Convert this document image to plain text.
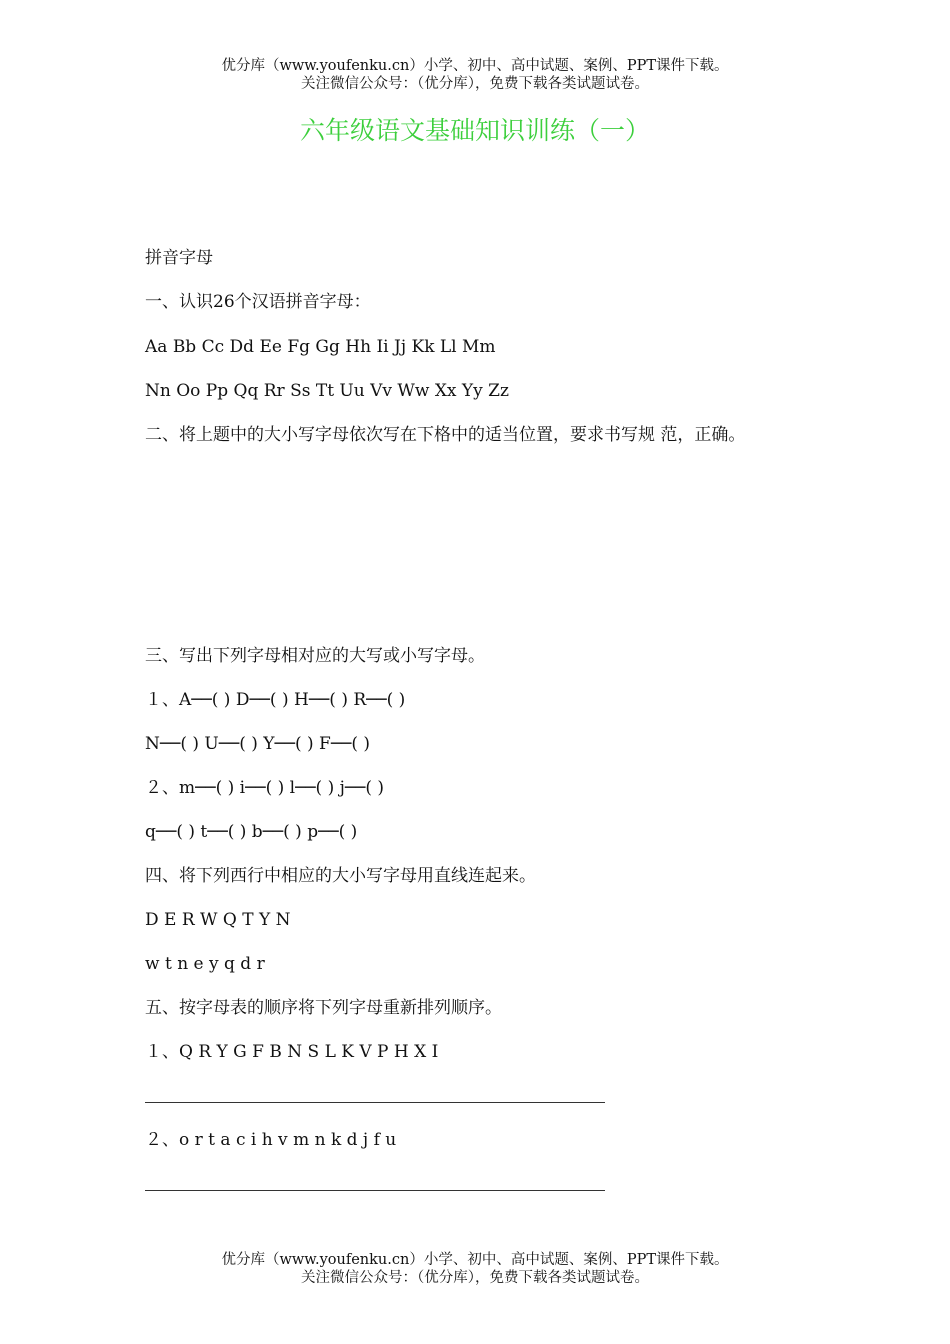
优分库（www.youfenku.cn）小学、初中、高中试题、案例、PPT课件下载。
关注微信公众号：（优分库），免费下载各类试题试卷。
六年级语文基础知识训练（一）
拼音字母
一、认识26个汉语拼音字母：
Aa Bb Cc Dd Ee Fg Gg Hh Ii Jj Kk Ll Mm
Nn Oo Pp Qq Rr Ss Tt Uu Vv Ww Xx Yy Zz
二、将上题中的大小写字母依次写在下格中的适当位置，要求书写规 范，正确。
三、写出下列字母相对应的大写或小写字母。
１、A──( ) D──( ) H──( ) R──( )
N──( ) U──( ) Y──( ) F──( )
２、m──( ) i──( ) l──( ) j──( )
q──( ) t──( ) b──( ) p──( )
四、将下列西行中相应的大小写字母用直线连起来。
D E R W Q T Y N
w t n e y q d r
五、按字母表的顺序将下列字母重新排列顺序。
１、Q R Y G F B N S L K V P H X I
２、o r t a c i h v m n k d j f u
优分库（www.youfenku.cn）小学、初中、高中试题、案例、PPT课件下载。
关注微信公众号：（优分库），免费下载各类试题试卷。
